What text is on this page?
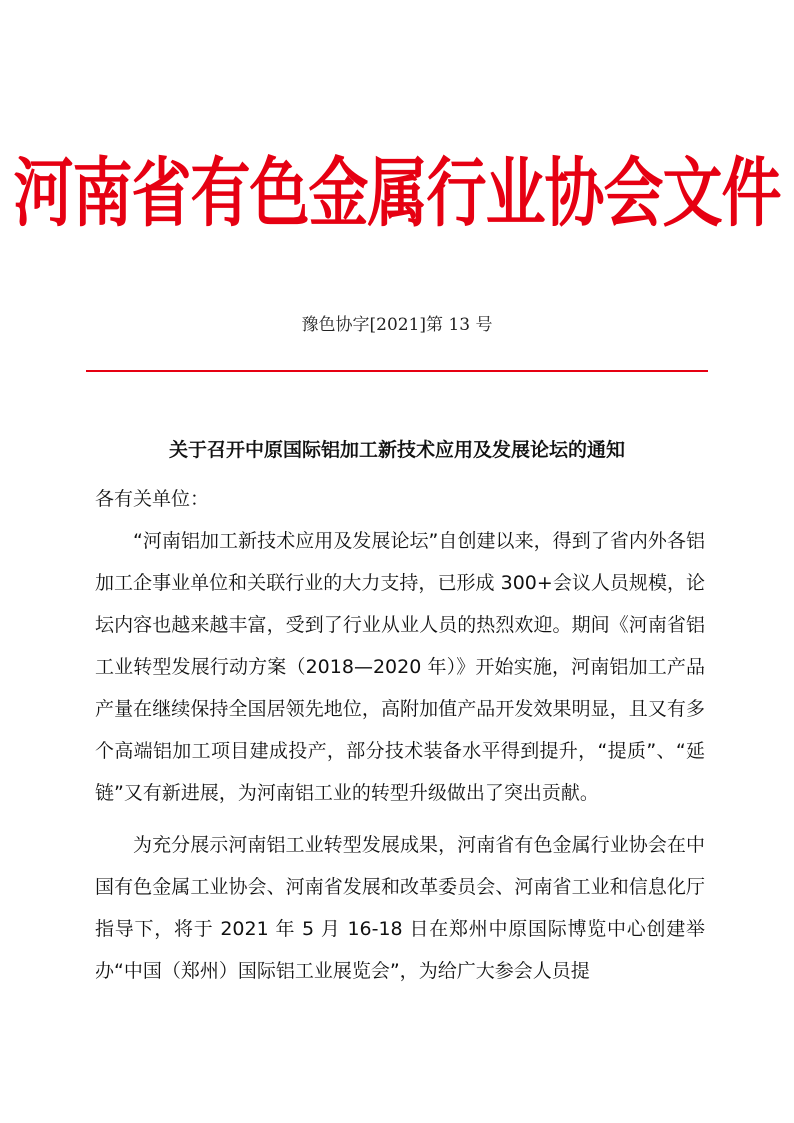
河南省有色金属行业协会文件
豫色协字[2021]第 13 号
关于召开中原国际铝加工新技术应用及发展论坛的通知

各有关单位：

“河南铝加工新技术应用及发展论坛”自创建以来，得到了省内外各铝加工企事业单位和关联行业的大力支持，已形成 300+会议人员规模，论坛内容也越来越丰富，受到了行业从业人员的热烈欢迎。期间《河南省铝工业转型发展行动方案（2018—2020 年）》开始实施，河南铝加工产品产量在继续保持全国居领先地位，高附加值产品开发效果明显，且又有多个高端铝加工项目建成投产，部分技术装备水平得到提升，“提质”、“延链”又有新进展，为河南铝工业的转型升级做出了突出贡献。

为充分展示河南铝工业转型发展成果，河南省有色金属行业协会在中国有色金属工业协会、河南省发展和改革委员会、河南省工业和信息化厅指导下，将于 2021 年 5 月 16-18 日在郑州中原国际博览中心创建举办“中国（郑州）国际铝工业展览会”，为给广大参会人员提
